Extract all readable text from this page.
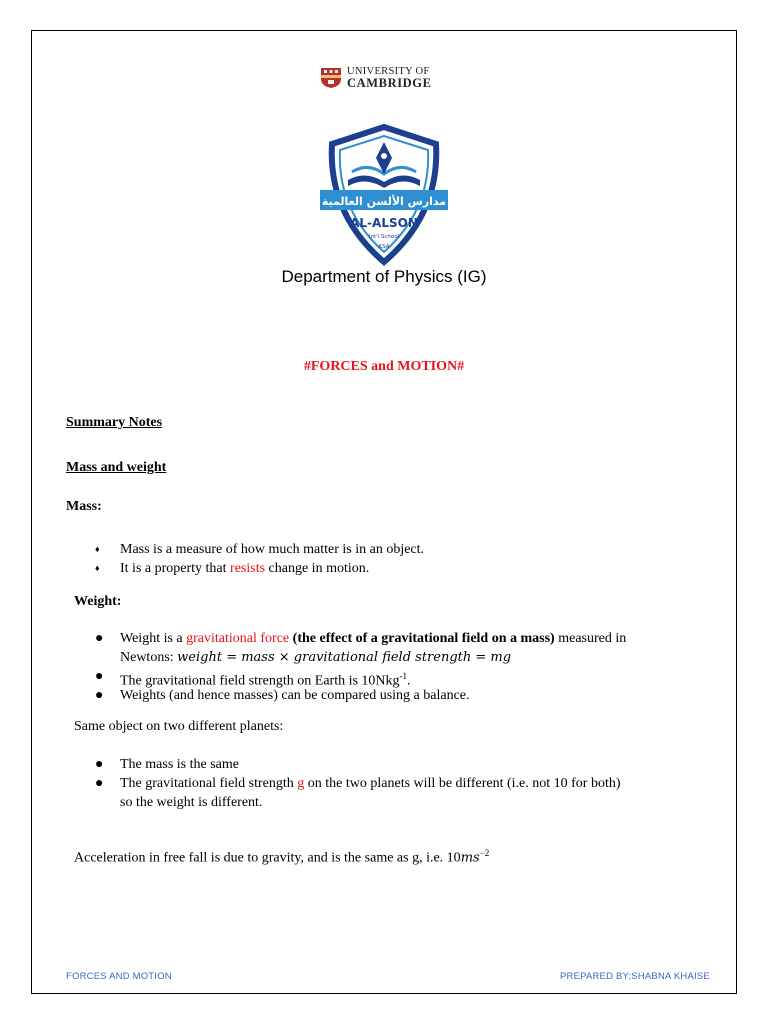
UNIVERSITY OF
CAMBRIDGE
مدارس الألسن العالمية
AL-ALSON
Int'l School
KSA
Department of Physics (IG)
#FORCES and MOTION#
Summary Notes
Mass and weight
Mass:
♦ Mass is a measure of how much matter is in an object.
♦ It is a property that resists change in motion.
Weight:
● Weight is a gravitational force (the effect of a gravitational field on a mass) measured in
Newtons: weight = mass × gravitational field strength = mg
● The gravitational field strength on Earth is 10Nkg$^{-1}$.
● Weights (and hence masses) can be compared using a balance.
Same object on two different planets:
● The mass is the same
● The gravitational field strength g on the two planets will be different (i.e. not 10 for both)
so the weight is different.
Acceleration in free fall is due to gravity, and is the same as g, i.e. $10ms^{-2}$
FORCES AND MOTION	PREPARED BY;SHABNA KHAISE
